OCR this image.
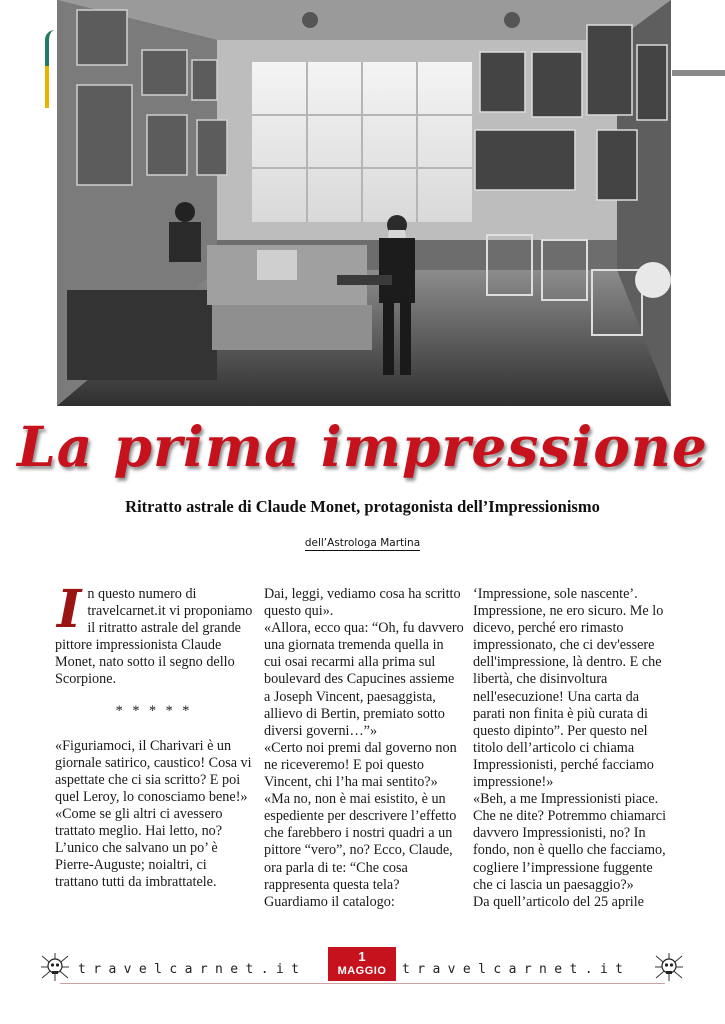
La prima impressione
Ritratto astrale di Claude Monet, protagonista dell’Impressionismo
dell’Astrologa Martina

In questo numero di travelcarnet.it vi proponiamo il ritratto astrale del grande pittore impressionista Claude Monet, nato sotto il segno dello Scorpione.

* * * * *

«Figuriamoci, il Charivari è un giornale satirico, caustico! Cosa vi aspettate che ci sia scritto? E poi quel Leroy, lo conosciamo bene!»

«Come se gli altri ci avessero trattato meglio. Hai letto, no? L’unico che salvano un po’ è Pierre-Auguste; noialtri, ci trattano tutti da imbrattatele.

Dai, leggi, vediamo cosa ha scritto questo qui».

«Allora, ecco qua: “Oh, fu davvero una giornata tremenda quella in cui osai recarmi alla prima sul boulevard des Capucines assieme a Joseph Vincent, paesaggista, allievo di Bertin, premiato sotto diversi governi…”»

«Certo noi premi dal governo non ne riceveremo! E poi questo Vincent, chi l’ha mai sentito?»

«Ma no, non è mai esistito, è un espediente per descrivere l’effetto che farebbero i nostri quadri a un pittore “vero”, no? Ecco, Claude, ora parla di te: “Che cosa rappresenta questa tela? Guardiamo il catalogo:

‘Impressione, sole nascente’. Impressione, ne ero sicuro. Me lo dicevo, perché ero rimasto impressionato, che ci dev'essere dell'impressione, là dentro. E che libertà, che disinvoltura nell'esecuzione! Una carta da parati non finita è più curata di questo dipinto”. Per questo nel titolo dell’articolo ci chiama Impressionisti, perché facciamo impressione!»

«Beh, a me Impressionisti piace. Che ne dite? Potremmo chiamarci davvero Impressionisti, no? In fondo, non è quello che facciamo, cogliere l’impressione fuggente che ci lascia un paesaggio?»

Da quell’articolo del 25 aprile

travelcarnet.it
1
MAGGIO	travelcarnet.it
